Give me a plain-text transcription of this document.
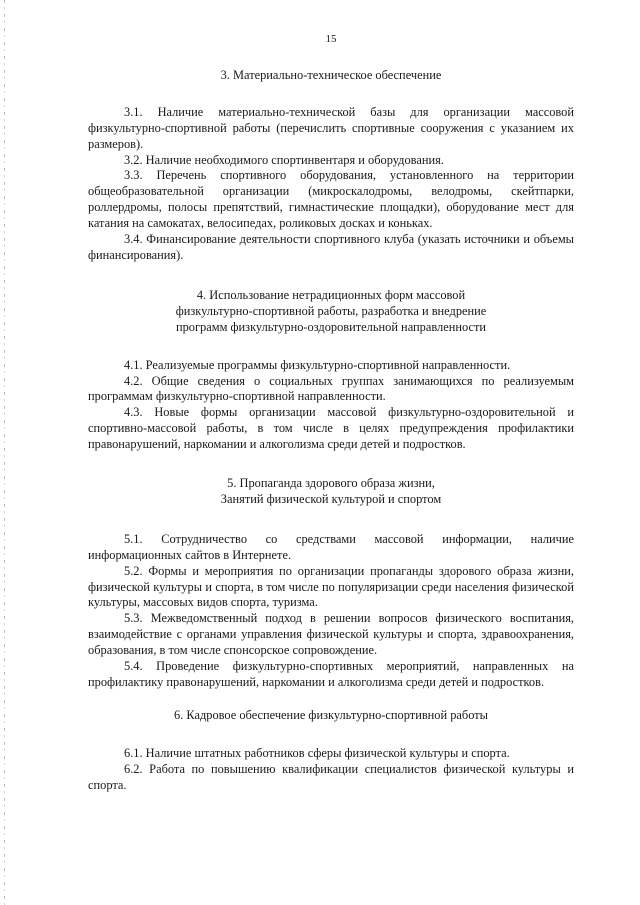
15
3. Материально-техническое обеспечение

3.1. Наличие материально-технической базы для организации массовой физкультурно-спортивной работы (перечислить спортивные сооружения с указанием их размеров).

3.2. Наличие необходимого спортинвентаря и оборудования.

3.3. Перечень спортивного оборудования, установленного на территории общеобразовательной организации (микроскалодромы, велодромы, скейтпарки, роллердромы, полосы препятствий, гимнастические площадки), оборудование мест для катания на самокатах, велосипедах, роликовых досках и коньках.

3.4. Финансирование деятельности спортивного клуба (указать источники и объемы финансирования).

4. Использование нетрадиционных форм массовой
физкультурно-спортивной работы, разработка и внедрение
программ физкультурно-оздоровительной направленности

4.1. Реализуемые программы физкультурно-спортивной направленности.

4.2. Общие сведения о социальных группах занимающихся по реализуемым программам физкультурно-спортивной направленности.

4.3. Новые формы организации массовой физкультурно-оздоровительной и спортивно-массовой работы, в том числе в целях предупреждения профилактики правонарушений, наркомании и алкоголизма среди детей и подростков.

5. Пропаганда здорового образа жизни,
Занятий физической культурой и спортом

5.1. Сотрудничество со средствами массовой информации, наличие информационных сайтов в Интернете.

5.2. Формы и мероприятия по организации пропаганды здорового образа жизни, физической культуры и спорта, в том числе по популяризации среди населения физической культуры, массовых видов спорта, туризма.

5.3. Межведомственный подход в решении вопросов физического воспитания, взаимодействие с органами управления физической культуры и спорта, здравоохранения, образования, в том числе спонсорское сопровождение.

5.4. Проведение физкультурно-спортивных мероприятий, направленных на профилактику правонарушений, наркомании и алкоголизма среди детей и подростков.

6. Кадровое обеспечение физкультурно-спортивной работы

6.1. Наличие штатных работников сферы физической культуры и спорта.

6.2. Работа по повышению квалификации специалистов физической культуры и спорта.
